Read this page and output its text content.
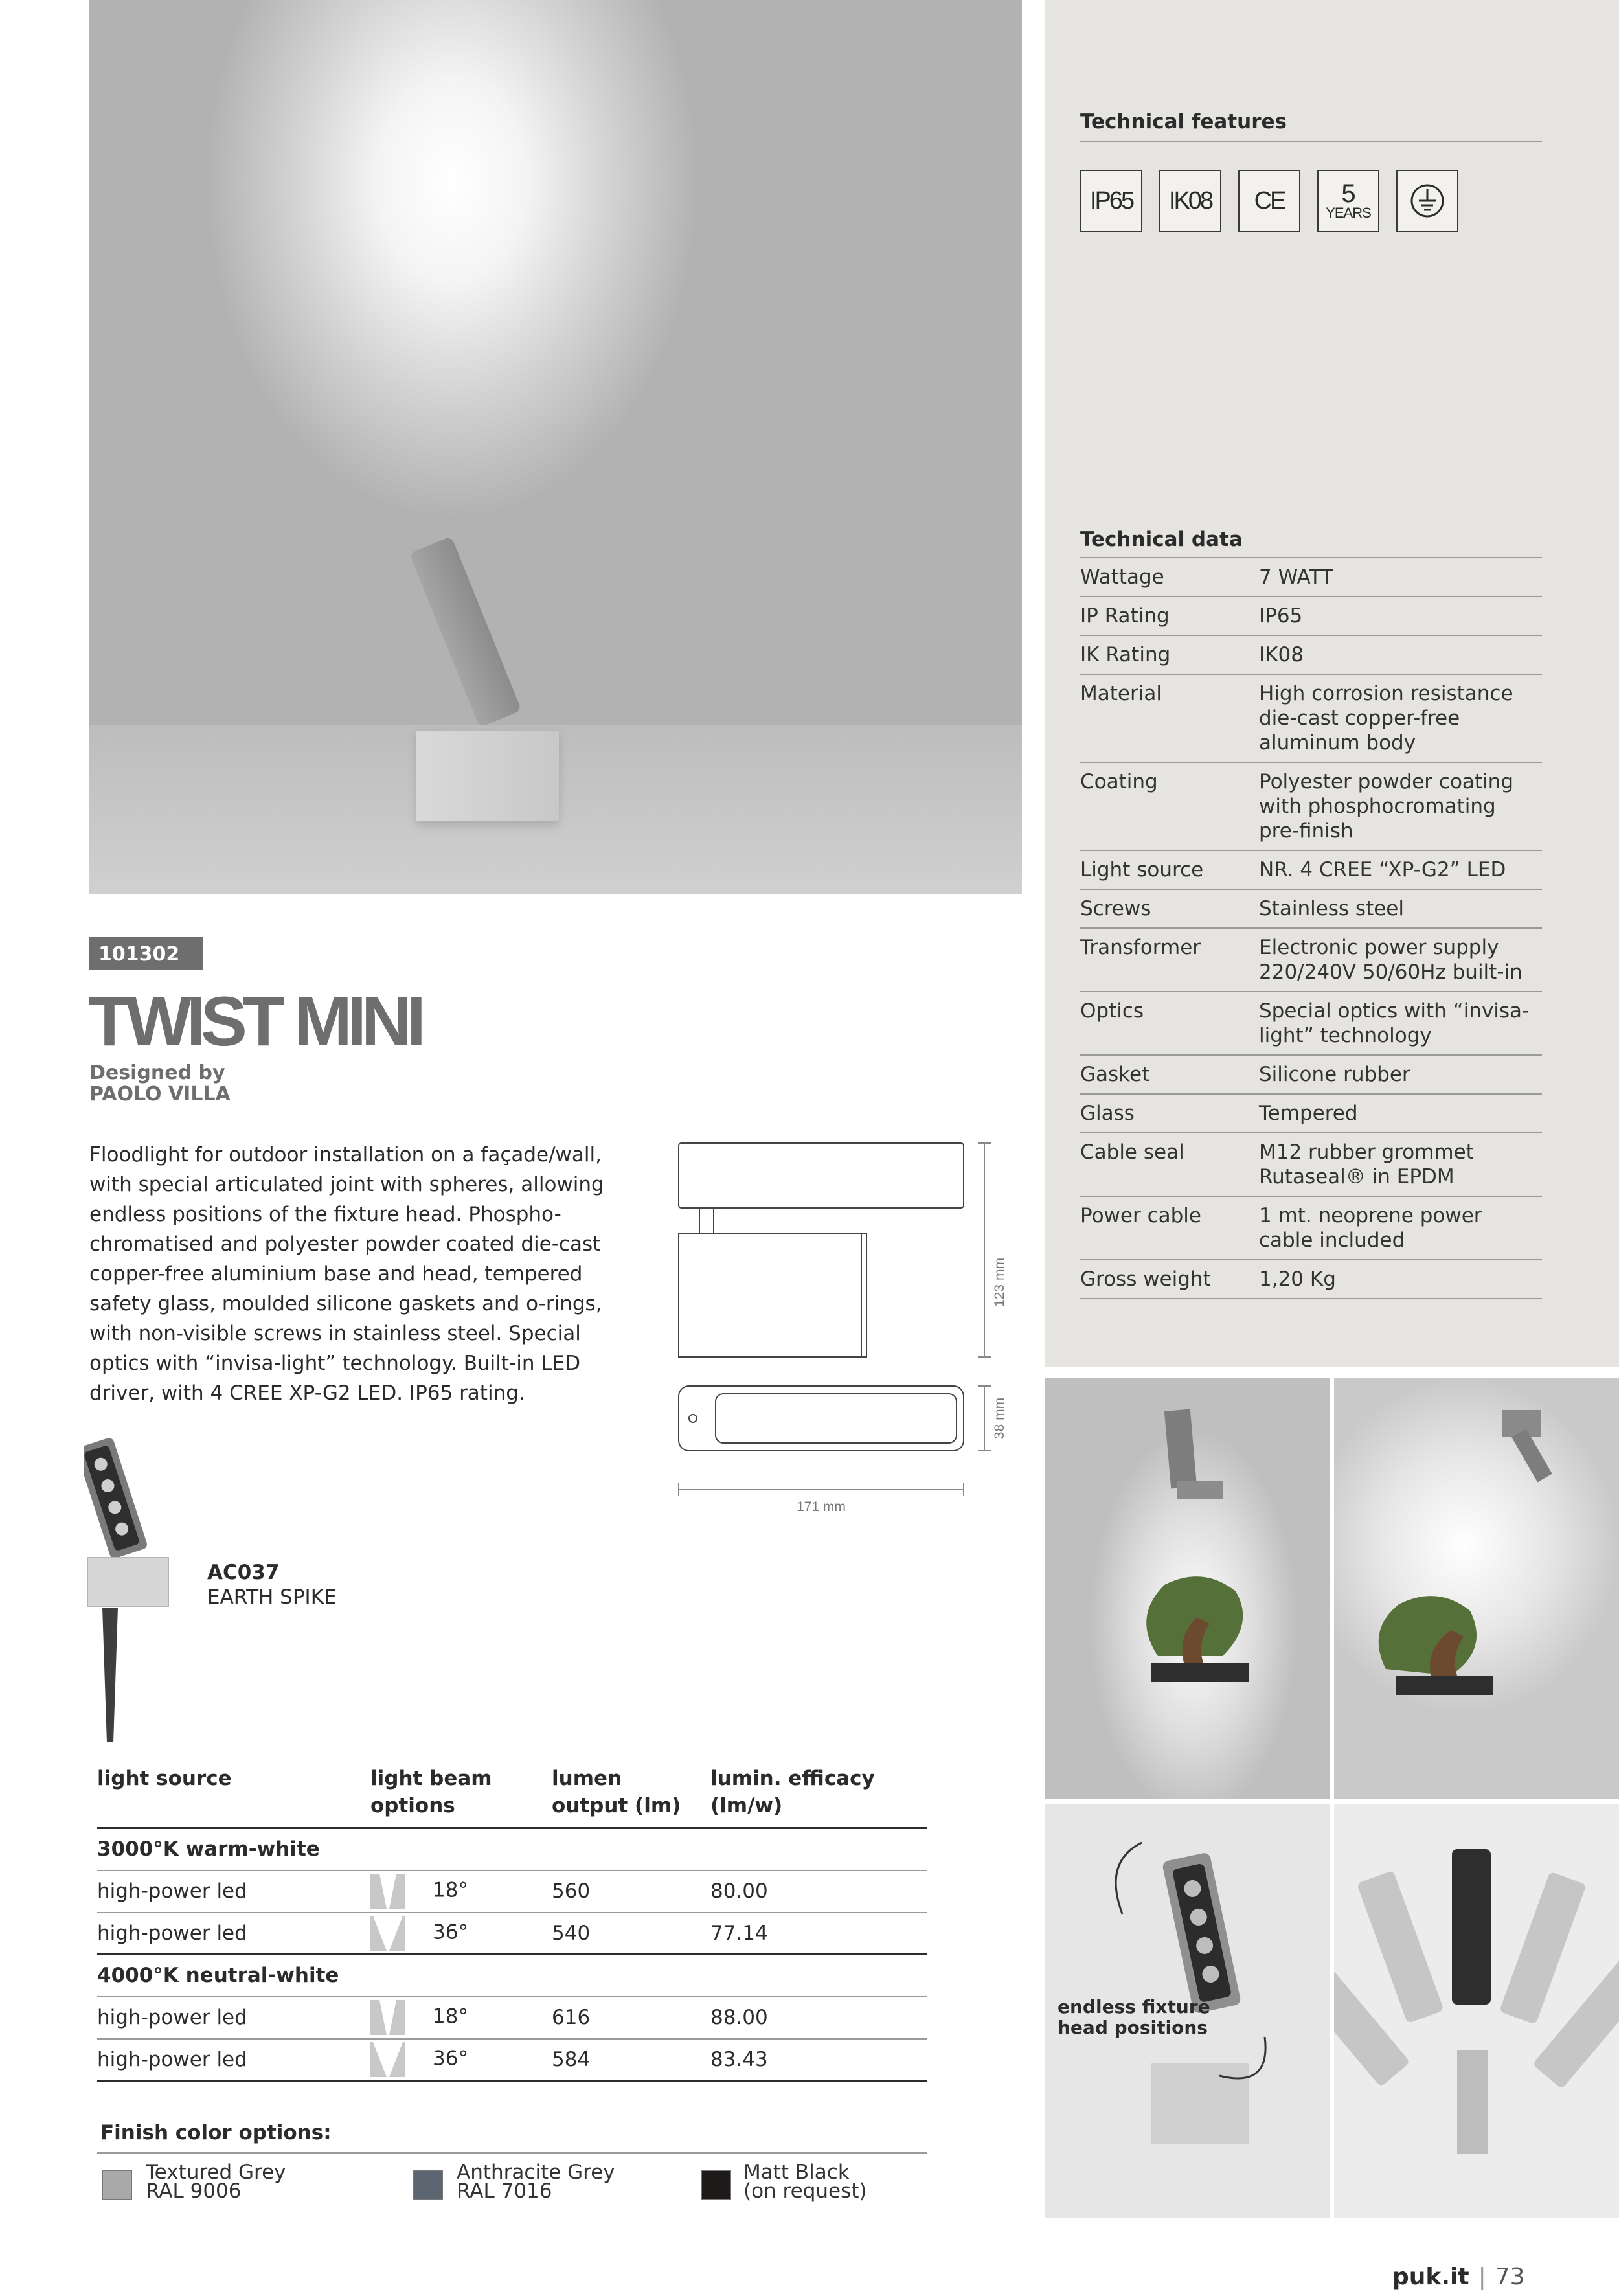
Technical features
IP65	IK08	CE	5
YEARS
Technical data
Wattage	7 WATT
IP Rating	IP65
IK Rating	IK08
Material	High corrosion resistance die-cast copper-free aluminum body
Coating	Polyester powder coating with phosphocromating pre-finish
Light source	NR. 4 CREE “XP-G2” LED
Screws	Stainless steel
Transformer	Electronic power supply 220/240V 50/60Hz built-in
Optics	Special optics with “invisa-light” technology
Gasket	Silicone rubber
Glass	Tempered
Cable seal	M12 rubber grommet Rutaseal® in EPDM
Power cable	1 mt. neoprene power cable included
Gross weight	1,20 Kg
101302
TWIST MINI
Designed by
PAOLO VILLA
Floodlight for outdoor installation on a façade/wall, with special articulated joint with spheres, allowing endless positions of the fixture head. Phospho-chromatised and polyester powder coated die-cast copper-free aluminium base and head, tempered safety glass, moulded silicone gaskets and o-rings, with non-visible screws in stainless steel. Special optics with “invisa-light” technology. Built-in LED driver, with 4 CREE XP-G2 LED. IP65 rating.
123 mm
38 mm
171 mm
AC037
EARTH SPIKE
light source	light beam options	lumen output (lm)	lumin. efficacy (lm/w)
3000°K warm-white			
high-power led	18°	560	80.00
high-power led	36°	540	77.14
4000°K neutral-white			
high-power led	18°	616	88.00
high-power led	36°	584	83.43
Finish color options:
Textured Grey
RAL 9006
Anthracite Grey
RAL 7016
Matt Black
(on request)
endless fixture
head positions
puk.it | 73
